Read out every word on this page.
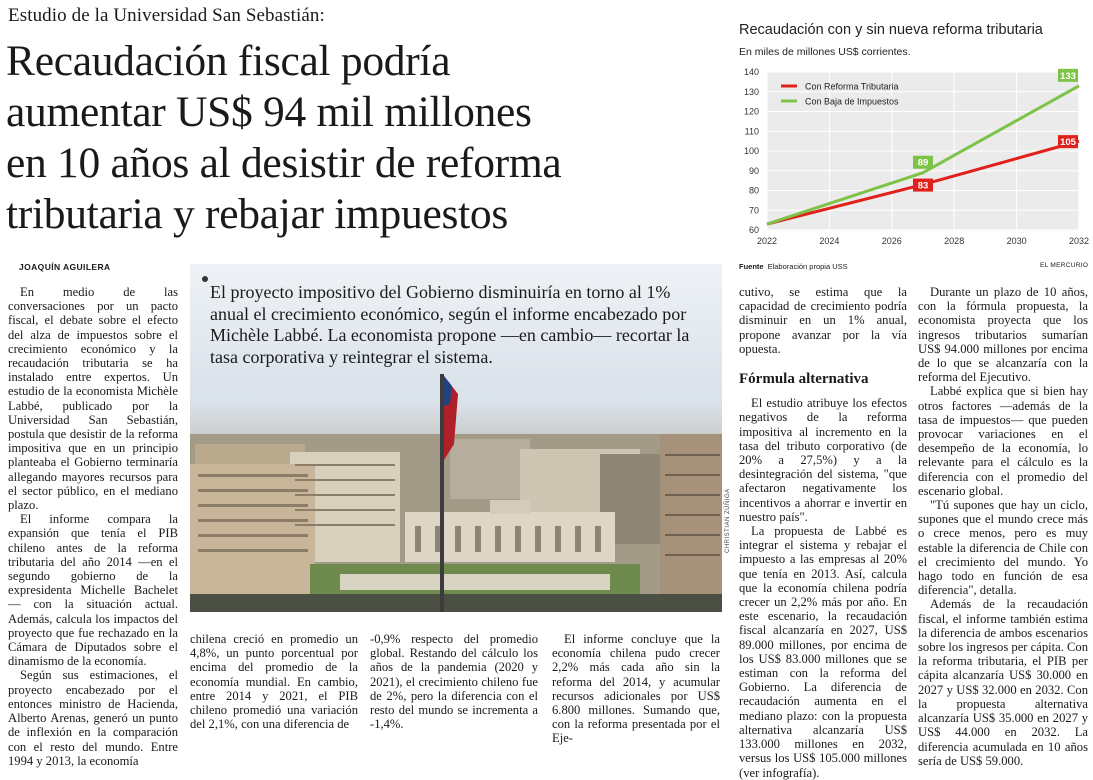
Estudio de la Universidad San Sebastián:
Recaudación fiscal podría
aumentar US$ 94 mil millones
en 10 años al desistir de reforma
tributaria y rebajar impuestos
JOAQUÍN AGUILERA

En medio de las conversaciones por un pacto fiscal, el debate sobre el efecto del alza de impuestos sobre el crecimiento económico y la recaudación tributaria se ha instalado entre expertos. Un estudio de la economista Michèle Labbé, publicado por la Universidad San Sebastián, postula que desistir de la reforma impositiva que en un principio planteaba el Gobierno terminaría allegando mayores recursos para el sector público, en el mediano plazo.

El informe compara la expansión que tenía el PIB chileno antes de la reforma tributaria del año 2014 —en el segundo gobierno de la expresidenta Michelle Bachelet— con la situación actual. Además, calcula los impactos del proyecto que fue rechazado en la Cámara de Diputados sobre el dinamismo de la economía.

Según sus estimaciones, el proyecto encabezado por el entonces ministro de Hacienda, Alberto Arenas, generó un punto de inflexión en la comparación con el resto del mundo. Entre 1994 y 2013, la economía

El proyecto impositivo del Gobierno disminuiría en torno al 1% anual el crecimiento económico, según el informe encabezado por Michèle Labbé. La economista propone —en cambio— recortar la tasa corporativa y reintegrar el sistema.
CHRISTIAN ZÚÑIGA

chilena creció en promedio un 4,8%, un punto porcentual por encima del promedio de la economía mundial. En cambio, entre 2014 y 2021, el PIB chileno promedió una variación del 2,1%, con una diferencia de

-0,9% respecto del promedio global. Restando del cálculo los años de la pandemia (2020 y 2021), el crecimiento chileno fue de 2%, pero la diferencia con el resto del mundo se incrementa a -1,4%.

El informe concluye que la economía chilena pudo crecer 2,2% más cada año sin la reforma del 2014, y acumular recursos adicionales por US$ 6.800 millones. Sumando que, con la reforma presentada por el Eje-

cutivo, se estima que la capacidad de crecimiento podría disminuir en un 1% anual, propone avanzar por la vía opuesta.

Fórmula alternativa

El estudio atribuye los efectos negativos de la reforma impositiva al incremento en la tasa del tributo corporativo (de 20% a 27,5%) y a la desintegración del sistema, "que afectaron negativamente los incentivos a ahorrar e invertir en nuestro país".

La propuesta de Labbé es integrar el sistema y rebajar el impuesto a las empresas al 20% que tenía en 2013. Así, calcula que la economía chilena podría crecer un 2,2% más por año. En este escenario, la recaudación fiscal alcanzaría en 2027, US$ 89.000 millones, por encima de los US$ 83.000 millones que se estiman con la reforma del Gobierno. La diferencia de recaudación aumenta en el mediano plazo: con la propuesta alternativa alcanzaría US$ 133.000 millones en 2032, versus los US$ 105.000 millones (ver infografía).

Durante un plazo de 10 años, con la fórmula propuesta, la economista proyecta que los ingresos tributarios sumarían US$ 94.000 millones por encima de lo que se alcanzaría con la reforma del Ejecutivo.

Labbé explica que si bien hay otros factores —además de la tasa de impuestos— que pueden provocar variaciones en el desempeño de la economía, lo relevante para el cálculo es la diferencia con el promedio del escenario global.

"Tú supones que hay un ciclo, supones que el mundo crece más o crece menos, pero es muy estable la diferencia de Chile con el crecimiento del mundo. Yo hago todo en función de esa diferencia", detalla.

Además de la recaudación fiscal, el informe también estima la diferencia de ambos escenarios sobre los ingresos per cápita. Con la reforma tributaria, el PIB per cápita alcanzaría US$ 30.000 en 2027 y US$ 32.000 en 2032. Con la propuesta alternativa alcanzaría US$ 35.000 en 2027 y US$ 44.000 en 2032. La diferencia acumulada en 10 años sería de US$ 59.000.

Recaudación con y sin nueva reforma tributaria
En miles de millones US$ corrientes.
60
70
80
90
100
110
120
130
140
2022	2024	2026	2028	2030	2032
83
105
Con Reforma Tributaria
89
133
Con Baja de Impuestos
Fuente Elaboración propia USS	EL MERCURIO
